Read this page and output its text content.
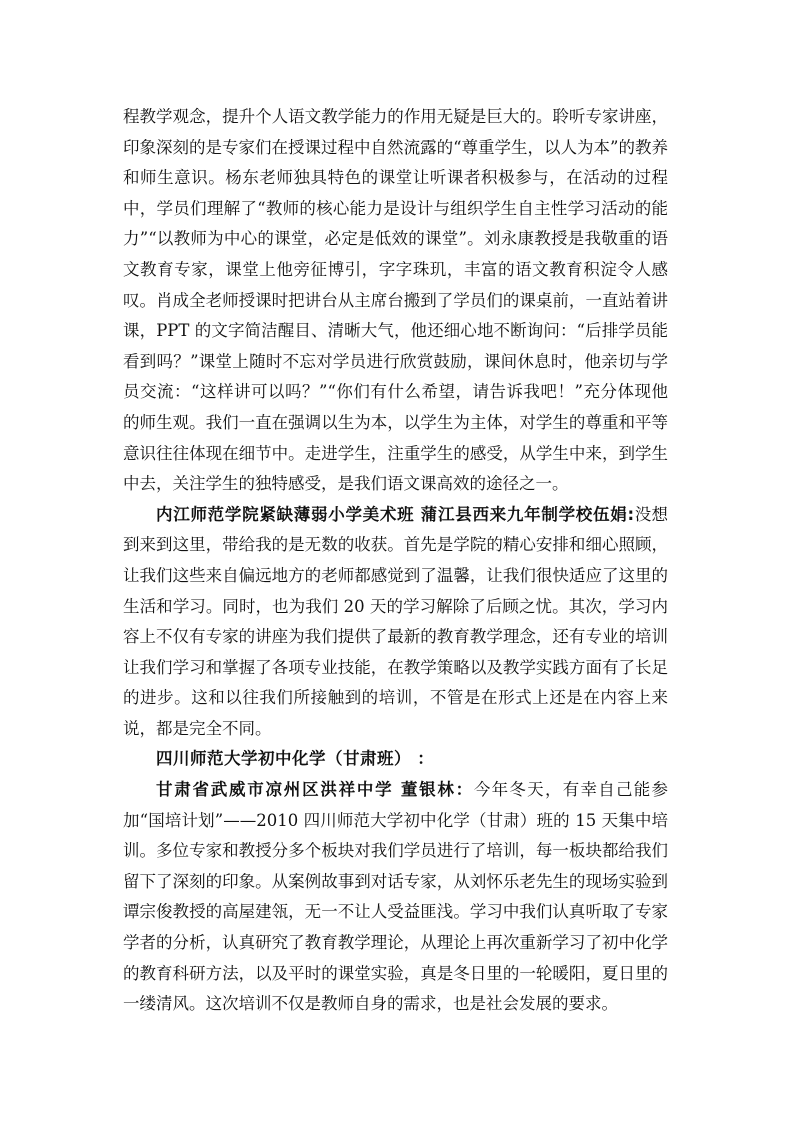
程教学观念，提升个人语文教学能力的作用无疑是巨大的。聆听专家讲座，印象深刻的是专家们在授课过程中自然流露的“尊重学生，以人为本”的教养和师生意识。杨东老师独具特色的课堂让听课者积极参与，在活动的过程中，学员们理解了“教师的核心能力是设计与组织学生自主性学习活动的能力”“以教师为中心的课堂，必定是低效的课堂”。刘永康教授是我敬重的语文教育专家，课堂上他旁征博引，字字珠玑，丰富的语文教育积淀令人感叹。肖成全老师授课时把讲台从主席台搬到了学员们的课桌前，一直站着讲课，PPT 的文字简洁醒目、清晰大气，他还细心地不断询问：“后排学员能看到吗？”课堂上随时不忘对学员进行欣赏鼓励，课间休息时，他亲切与学员交流：“这样讲可以吗？”“你们有什么希望，请告诉我吧！”充分体现他的师生观。我们一直在强调以生为本，以学生为主体，对学生的尊重和平等意识往往体现在细节中。走进学生，注重学生的感受，从学生中来，到学生中去，关注学生的独特感受，是我们语文课高效的途径之一。

内江师范学院紧缺薄弱小学美术班 蒲江县西来九年制学校伍娟:没想到来到这里，带给我的是无数的收获。首先是学院的精心安排和细心照顾，让我们这些来自偏远地方的老师都感觉到了温馨，让我们很快适应了这里的生活和学习。同时，也为我们 20 天的学习解除了后顾之忧。其次，学习内容上不仅有专家的讲座为我们提供了最新的教育教学理念，还有专业的培训让我们学习和掌握了各项专业技能，在教学策略以及教学实践方面有了长足的进步。这和以往我们所接触到的培训，不管是在形式上还是在内容上来说，都是完全不同。

四川师范大学初中化学（甘肃班） ：

甘肃省武威市凉州区洪祥中学 董银林：今年冬天，有幸自己能参加“国培计划”——2010 四川师范大学初中化学（甘肃）班的 15 天集中培训。多位专家和教授分多个板块对我们学员进行了培训，每一板块都给我们留下了深刻的印象。从案例故事到对话专家，从刘怀乐老先生的现场实验到谭宗俊教授的高屋建瓴，无一不让人受益匪浅。学习中我们认真听取了专家学者的分析，认真研究了教育教学理论，从理论上再次重新学习了初中化学的教育科研方法，以及平时的课堂实验，真是冬日里的一轮暖阳，夏日里的一缕清风。这次培训不仅是教师自身的需求，也是社会发展的要求。
